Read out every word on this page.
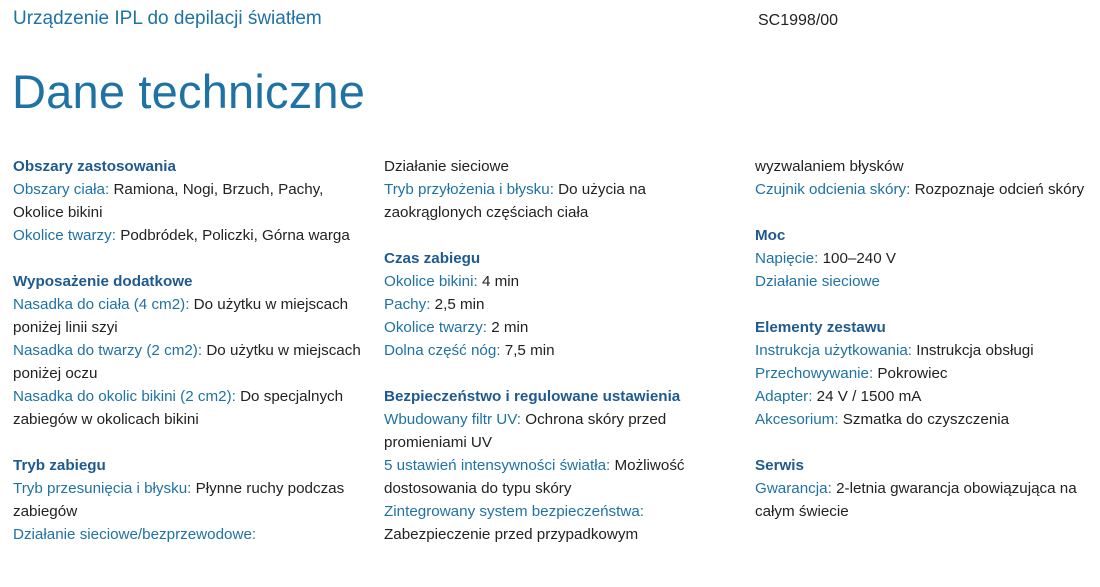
Urządzenie IPL do depilacji światłem	SC1998/00
Dane techniczne
Obszary zastosowania
Obszary ciała: Ramiona, Nogi, Brzuch, Pachy, Okolice bikini
Okolice twarzy: Podbródek, Policzki, Górna warga
Wyposażenie dodatkowe
Nasadka do ciała (4 cm2): Do użytku w miejscach poniżej linii szyi
Nasadka do twarzy (2 cm2): Do użytku w miejscach poniżej oczu
Nasadka do okolic bikini (2 cm2): Do specjalnych zabiegów w okolicach bikini
Tryb zabiegu
Tryb przesunięcia i błysku: Płynne ruchy podczas zabiegów
Działanie sieciowe/bezprzewodowe:
Działanie sieciowe
Tryb przyłożenia i błysku: Do użycia na zaokrąglonych częściach ciała
Czas zabiegu
Okolice bikini: 4 min
Pachy: 2,5 min
Okolice twarzy: 2 min
Dolna część nóg: 7,5 min
Bezpieczeństwo i regulowane ustawienia
Wbudowany filtr UV: Ochrona skóry przed promieniami UV
5 ustawień intensywności światła: Możliwość dostosowania do typu skóry
Zintegrowany system bezpieczeństwa: Zabezpieczenie przed przypadkowym
wyzwalaniem błysków
Czujnik odcienia skóry: Rozpoznaje odcień skóry
Moc
Napięcie: 100–240 V
Działanie sieciowe
Elementy zestawu
Instrukcja użytkowania: Instrukcja obsługi
Przechowywanie: Pokrowiec
Adapter: 24 V / 1500 mA
Akcesorium: Szmatka do czyszczenia
Serwis
Gwarancja: 2-letnia gwarancja obowiązująca na całym świecie
